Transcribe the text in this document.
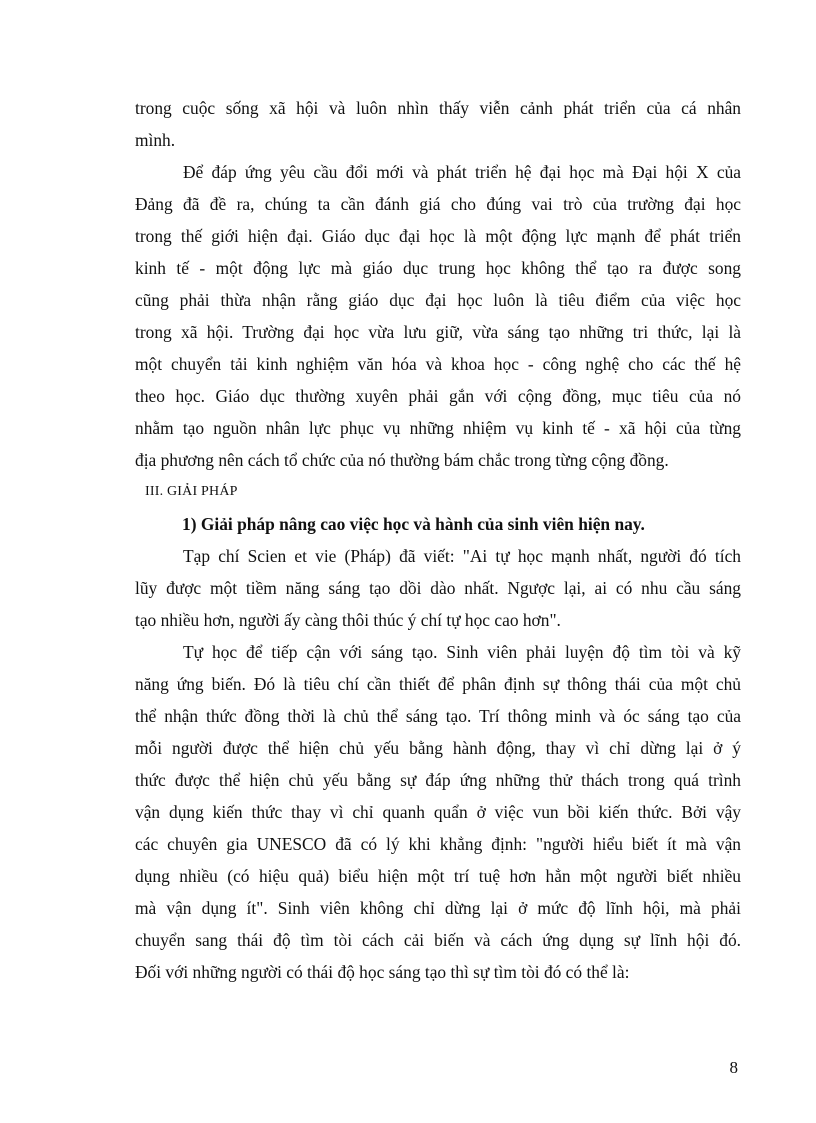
trong cuộc sống xã hội và luôn nhìn thấy viễn cảnh phát triển của cá nhân
mình.
Để đáp ứng yêu cầu đổi mới và phát triển hệ đại học mà Đại hội X của
Đảng đã đề ra, chúng ta cần đánh giá cho đúng vai trò của trường đại học
trong thế giới hiện đại. Giáo dục đại học là một động lực mạnh để phát triển
kinh tế - một động lực mà giáo dục trung học không thể tạo ra được song
cũng phải thừa nhận rằng giáo dục đại học luôn là tiêu điểm của việc học
trong xã hội. Trường đại học vừa lưu giữ, vừa sáng tạo những tri thức, lại là
một chuyển tải kinh nghiệm văn hóa và khoa học - công nghệ cho các thế hệ
theo học. Giáo dục thường xuyên phải gắn với cộng đồng, mục tiêu của nó
nhằm tạo nguồn nhân lực phục vụ những nhiệm vụ kinh tế - xã hội của từng
địa phương nên cách tổ chức của nó thường bám chắc trong từng cộng đồng.
III. GIẢI PHÁP
1) Giải pháp nâng cao việc học và hành của sinh viên hiện nay.
Tạp chí Scien et vie (Pháp) đã viết: "Ai tự học mạnh nhất, người đó tích
lũy được một tiềm năng sáng tạo dồi dào nhất. Ngược lại, ai có nhu cầu sáng
tạo nhiều hơn, người ấy càng thôi thúc ý chí tự học cao hơn".
Tự học để tiếp cận với sáng tạo. Sinh viên phải luyện độ tìm tòi và kỹ
năng ứng biến. Đó là tiêu chí cần thiết để phân định sự thông thái của một chủ
thể nhận thức đồng thời là chủ thể sáng tạo. Trí thông minh và óc sáng tạo của
mỗi người được thể hiện chủ yếu bằng hành động, thay vì chỉ dừng lại ở ý
thức được thể hiện chủ yếu bằng sự đáp ứng những thử thách trong quá trình
vận dụng kiến thức thay vì chỉ quanh quẩn ở việc vun bồi kiến thức. Bởi vậy
các chuyên gia UNESCO đã có lý khi khẳng định: "người hiểu biết ít mà vận
dụng nhiều (có hiệu quả) biểu hiện một trí tuệ hơn hẳn một người biết nhiều
mà vận dụng ít". Sinh viên không chỉ dừng lại ở mức độ lĩnh hội, mà phải
chuyển sang thái độ tìm tòi cách cải biến và cách ứng dụng sự lĩnh hội đó.
Đối với những người có thái độ học sáng tạo thì sự tìm tòi đó có thể là:
8
